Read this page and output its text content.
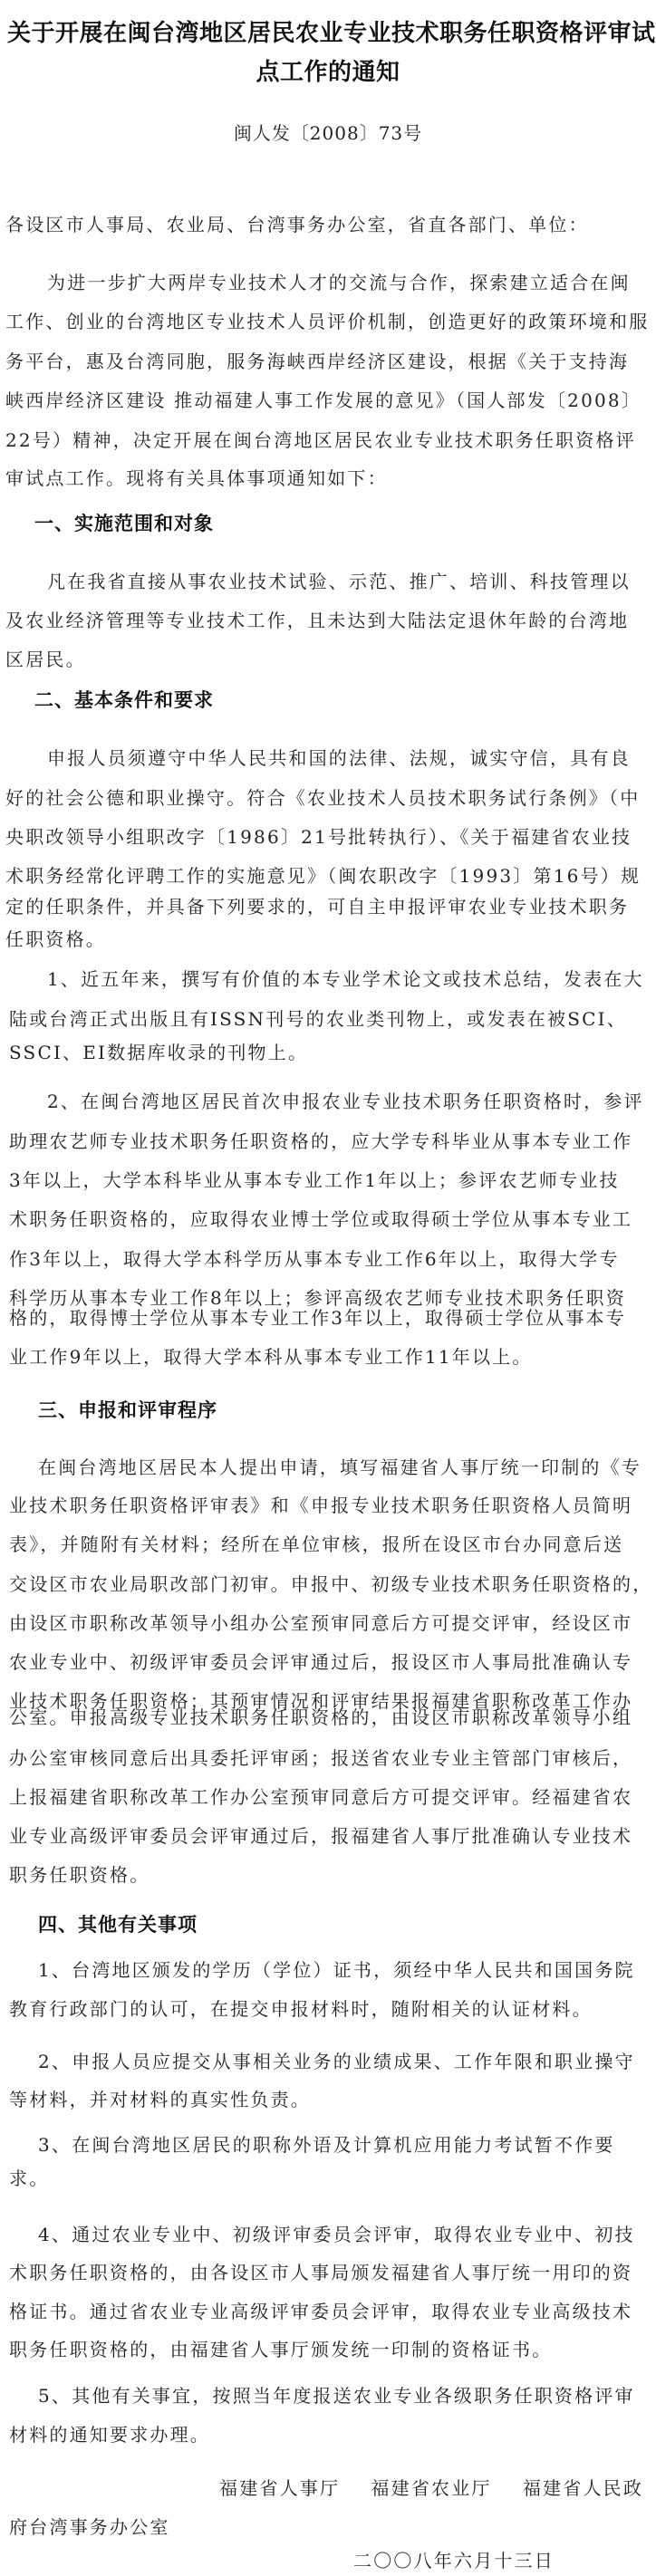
关于开展在闽台湾地区居民农业专业技术职务任职资格评审试
点工作的通知
闽人发〔2008〕73号
各设区市人事局、农业局、台湾事务办公室，省直各部门、单位：
为进一步扩大两岸专业技术人才的交流与合作，探索建立适合在闽
工作、创业的台湾地区专业技术人员评价机制，创造更好的政策环境和服
务平台，惠及台湾同胞，服务海峡西岸经济区建设，根据《关于支持海
峡西岸经济区建设 推动福建人事工作发展的意见》（国人部发〔2008〕
22号）精神，决定开展在闽台湾地区居民农业专业技术职务任职资格评
审试点工作。现将有关具体事项通知如下：
一、实施范围和对象
凡在我省直接从事农业技术试验、示范、推广、培训、科技管理以
及农业经济管理等专业技术工作，且未达到大陆法定退休年龄的台湾地
区居民。
二、基本条件和要求
申报人员须遵守中华人民共和国的法律、法规，诚实守信，具有良
好的社会公德和职业操守。符合《农业技术人员技术职务试行条例》（中
央职改领导小组职改字〔1986〕21号批转执行）、《关于福建省农业技
术职务经常化评聘工作的实施意见》（闽农职改字〔1993〕第16号）规
定的任职条件，并具备下列要求的，可自主申报评审农业专业技术职务
任职资格。
1、近五年来，撰写有价值的本专业学术论文或技术总结，发表在大
陆或台湾正式出版且有ISSN刊号的农业类刊物上，或发表在被SCI、
SSCI、EI数据库收录的刊物上。
2、在闽台湾地区居民首次申报农业专业技术职务任职资格时，参评
助理农艺师专业技术职务任职资格的，应大学专科毕业从事本专业工作
3年以上，大学本科毕业从事本专业工作1年以上；参评农艺师专业技
术职务任职资格的，应取得农业博士学位或取得硕士学位从事本专业工
作3年以上，取得大学本科学历从事本专业工作6年以上，取得大学专
科学历从事本专业工作8年以上；参评高级农艺师专业技术职务任职资
格的，取得博士学位从事本专业工作3年以上，取得硕士学位从事本专
业工作9年以上，取得大学本科从事本专业工作11年以上。
三、申报和评审程序
在闽台湾地区居民本人提出申请，填写福建省人事厅统一印制的《专
业技术职务任职资格评审表》和《申报专业技术职务任职资格人员简明
表》，并随附有关材料；经所在单位审核，报所在设区市台办同意后送
交设区市农业局职改部门初审。申报中、初级专业技术职务任职资格的，
由设区市职称改革领导小组办公室预审同意后方可提交评审，经设区市
农业专业中、初级评审委员会评审通过后，报设区市人事局批准确认专
业技术职务任职资格；其预审情况和评审结果报福建省职称改革工作办
公室。申报高级专业技术职务任职资格的，由设区市职称改革领导小组
办公室审核同意后出具委托评审函；报送省农业专业主管部门审核后，
上报福建省职称改革工作办公室预审同意后方可提交评审。经福建省农
业专业高级评审委员会评审通过后，报福建省人事厅批准确认专业技术
职务任职资格。
四、其他有关事项
1、台湾地区颁发的学历（学位）证书，须经中华人民共和国国务院
教育行政部门的认可，在提交申报材料时，随附相关的认证材料。
2、申报人员应提交从事相关业务的业绩成果、工作年限和职业操守
等材料，并对材料的真实性负责。
3、在闽台湾地区居民的职称外语及计算机应用能力考试暂不作要
求。
4、通过农业专业中、初级评审委员会评审，取得农业专业中、初技
术职务任职资格的，由各设区市人事局颁发福建省人事厅统一用印的资
格证书。通过省农业专业高级评审委员会评审，取得农业专业高级技术
职务任职资格的，由福建省人事厅颁发统一印制的资格证书。
5、其他有关事宜，按照当年度报送农业专业各级职务任职资格评审
材料的通知要求办理。
福建省人事厅    福建省农业厅    福建省人民政
府台湾事务办公室
二〇〇八年六月十三日
